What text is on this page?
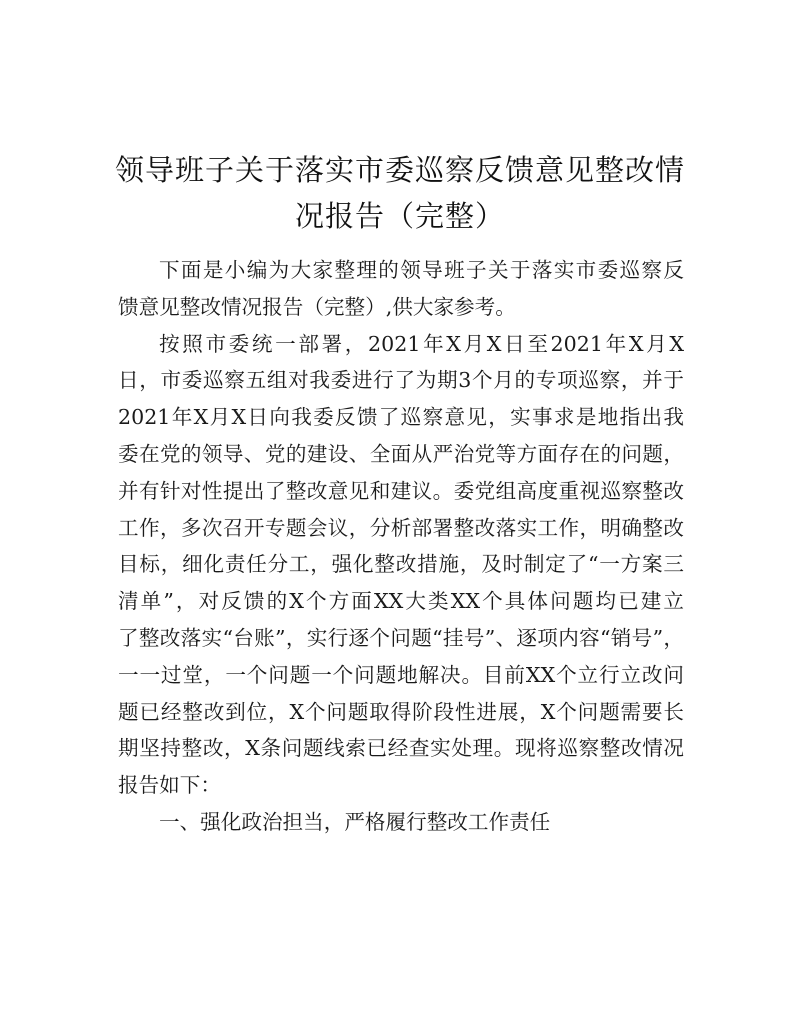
领导班子关于落实市委巡察反馈意见整改情
况报告（完整）
下面是小编为大家整理的领导班子关于落实市委巡察反
馈意见整改情况报告（完整）,供大家参考。
按照市委统一部署，2021年X月X日至2021年X月X
日，市委巡察五组对我委进行了为期3个月的专项巡察，并于
2021年X月X日向我委反馈了巡察意见，实事求是地指出我
委在党的领导、党的建设、全面从严治党等方面存在的问题，
并有针对性提出了整改意见和建议。委党组高度重视巡察整改
工作，多次召开专题会议，分析部署整改落实工作，明确整改
目标，细化责任分工，强化整改措施，及时制定了“一方案三
清单”，对反馈的X个方面XX大类XX个具体问题均已建立
了整改落实“台账”，实行逐个问题“挂号”、逐项内容“销号”，
一一过堂，一个问题一个问题地解决。目前XX个立行立改问
题已经整改到位，X个问题取得阶段性进展，X个问题需要长
期坚持整改，X条问题线索已经查实处理。现将巡察整改情况
报告如下：
一、强化政治担当，严格履行整改工作责任
